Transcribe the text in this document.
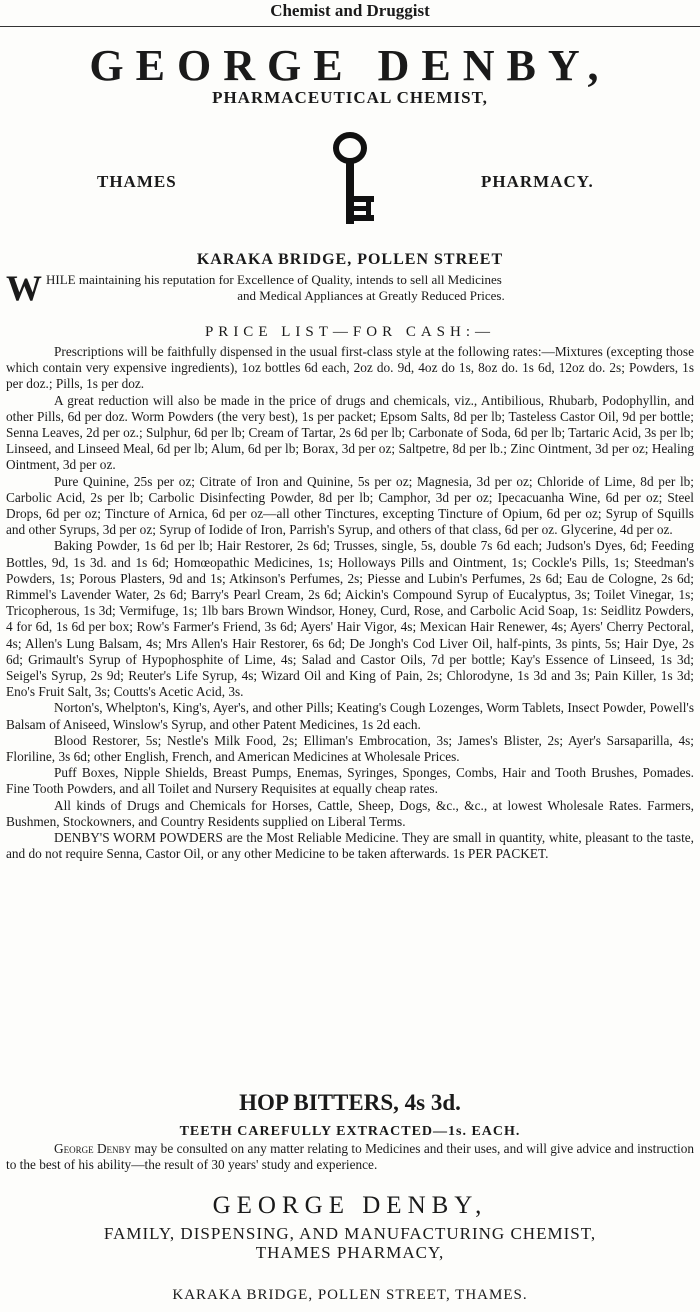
Chemist and Druggist
GEORGE DENBY,
PHARMACEUTICAL CHEMIST,
THAMES	PHARMACY.
KARAKA BRIDGE, POLLEN STREET
W HILE maintaining his reputation for Excellence of Quality, intends to sell all Medicines
and Medical Appliances at Greatly Reduced Prices.
PRICE LIST—FOR CASH:—

Prescriptions will be faithfully dispensed in the usual first-class style at the following rates:—Mixtures (excepting those which contain very expensive ingredients), 1oz bottles 6d each, 2oz do. 9d, 4oz do 1s, 8oz do. 1s 6d, 12oz do. 2s; Powders, 1s per doz.; Pills, 1s per doz.

A great reduction will also be made in the price of drugs and chemicals, viz., Antibilious, Rhubarb, Podophyllin, and other Pills, 6d per doz. Worm Powders (the very best), 1s per packet; Epsom Salts, 8d per lb; Tasteless Castor Oil, 9d per bottle; Senna Leaves, 2d per oz.; Sulphur, 6d per lb; Cream of Tartar, 2s 6d per lb; Carbonate of Soda, 6d per lb; Tartaric Acid, 3s per lb; Linseed, and Linseed Meal, 6d per lb; Alum, 6d per lb; Borax, 3d per oz; Saltpetre, 8d per lb.; Zinc Ointment, 3d per oz; Healing Ointment, 3d per oz.

Pure Quinine, 25s per oz; Citrate of Iron and Quinine, 5s per oz; Magnesia, 3d per oz; Chloride of Lime, 8d per lb; Carbolic Acid, 2s per lb; Carbolic Disinfecting Powder, 8d per lb; Camphor, 3d per oz; Ipecacuanha Wine, 6d per oz; Steel Drops, 6d per oz; Tincture of Arnica, 6d per oz—all other Tinctures, excepting Tincture of Opium, 6d per oz; Syrup of Squills and other Syrups, 3d per oz; Syrup of Iodide of Iron, Parrish's Syrup, and others of that class, 6d per oz. Glycerine, 4d per oz.

Baking Powder, 1s 6d per lb; Hair Restorer, 2s 6d; Trusses, single, 5s, double 7s 6d each; Judson's Dyes, 6d; Feeding Bottles, 9d, 1s 3d. and 1s 6d; Homœopathic Medicines, 1s; Holloways Pills and Ointment, 1s; Cockle's Pills, 1s; Steedman's Powders, 1s; Porous Plasters, 9d and 1s; Atkinson's Perfumes, 2s; Piesse and Lubin's Perfumes, 2s 6d; Eau de Cologne, 2s 6d; Rimmel's Lavender Water, 2s 6d; Barry's Pearl Cream, 2s 6d; Aickin's Compound Syrup of Eucalyptus, 3s; Toilet Vinegar, 1s; Tricopherous, 1s 3d; Vermifuge, 1s; 1lb bars Brown Windsor, Honey, Curd, Rose, and Carbolic Acid Soap, 1s: Seidlitz Powders, 4 for 6d, 1s 6d per box; Row's Farmer's Friend, 3s 6d; Ayers' Hair Vigor, 4s; Mexican Hair Renewer, 4s; Ayers' Cherry Pectoral, 4s; Allen's Lung Balsam, 4s; Mrs Allen's Hair Restorer, 6s 6d; De Jongh's Cod Liver Oil, half-pints, 3s pints, 5s; Hair Dye, 2s 6d; Grimault's Syrup of Hypophosphite of Lime, 4s; Salad and Castor Oils, 7d per bottle; Kay's Essence of Linseed, 1s 3d; Seigel's Syrup, 2s 9d; Reuter's Life Syrup, 4s; Wizard Oil and King of Pain, 2s; Chlorodyne, 1s 3d and 3s; Pain Killer, 1s 3d; Eno's Fruit Salt, 3s; Coutts's Acetic Acid, 3s.

Norton's, Whelpton's, King's, Ayer's, and other Pills; Keating's Cough Lozenges, Worm Tablets, Insect Powder, Powell's Balsam of Aniseed, Winslow's Syrup, and other Patent Medicines, 1s 2d each.

Blood Restorer, 5s; Nestle's Milk Food, 2s; Elliman's Embrocation, 3s; James's Blister, 2s; Ayer's Sarsaparilla, 4s; Floriline, 3s 6d; other English, French, and American Medicines at Wholesale Prices.

Puff Boxes, Nipple Shields, Breast Pumps, Enemas, Syringes, Sponges, Combs, Hair and Tooth Brushes, Pomades. Fine Tooth Powders, and all Toilet and Nursery Requisites at equally cheap rates.

All kinds of Drugs and Chemicals for Horses, Cattle, Sheep, Dogs, &c., &c., at lowest Wholesale Rates. Farmers, Bushmen, Stockowners, and Country Residents supplied on Liberal Terms.

DENBY'S WORM POWDERS are the Most Reliable Medicine. They are small in quantity, white, pleasant to the taste, and do not require Senna, Castor Oil, or any other Medicine to be taken afterwards. 1s PER PACKET.

HOP BITTERS, 4s 3d.
TEETH CAREFULLY EXTRACTED—1s. EACH.

George Denby may be consulted on any matter relating to Medicines and their uses, and will give advice and instruction to the best of his ability—the result of 30 years' study and experience.

GEORGE DENBY,
FAMILY, DISPENSING, AND MANUFACTURING CHEMIST,
THAMES PHARMACY,
KARAKA BRIDGE, POLLEN STREET, THAMES.
